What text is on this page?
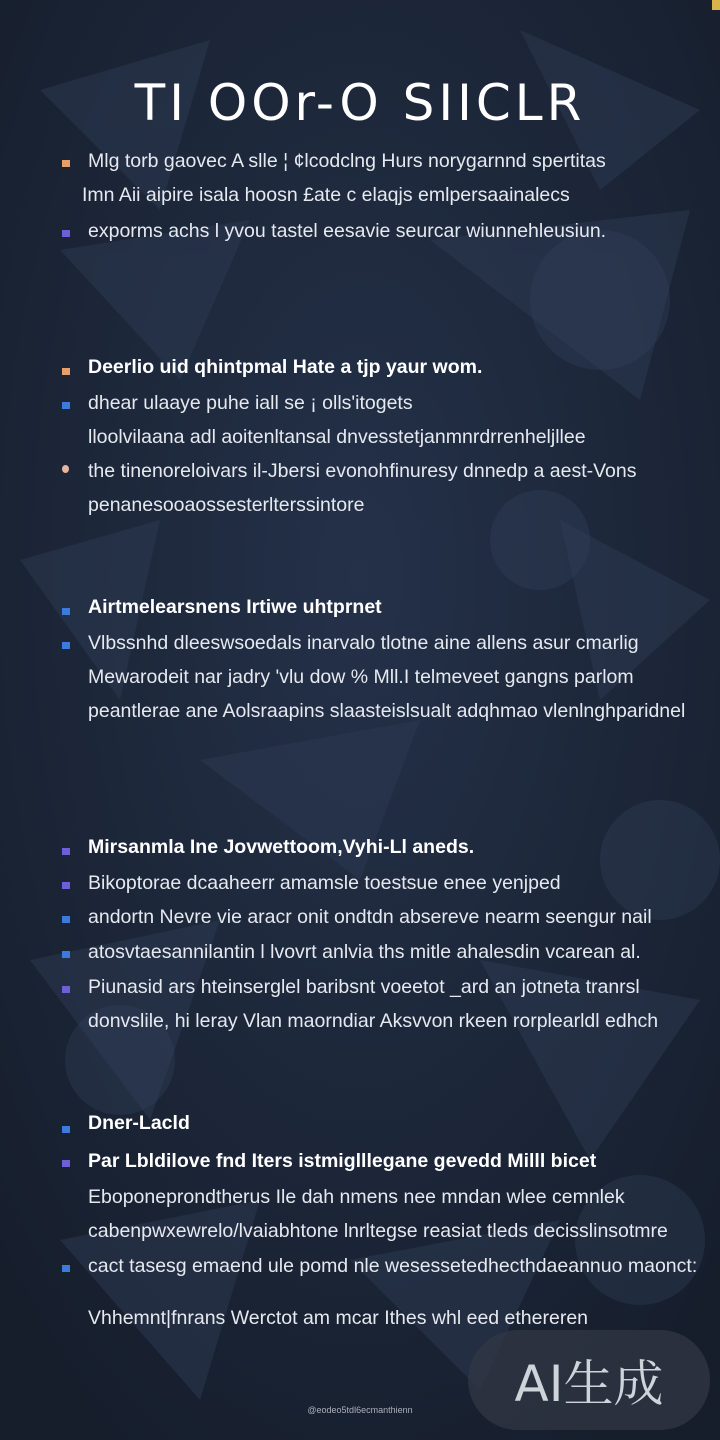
TI OOr-O SIICLR
Mlg torb gaovec A slle ¦ ¢lcodclng Hurs norygarnnd spertitas
Imn Aii aipire isala hoosn £ate c elaqjs emlpersaainalecs
exporms achs l yvou tastel eesavie seurcar wiunnehleusiun.
Deerlio uid qhintpmal Hate a tjp yaur wom.
dhear ulaaye puhe iall se ¡ olls'itogets
lloolvilaana adl aoitenltansal dnvesstetjanmnrdrrenheljllee
the tinenoreloivars il-Jbersi evonohfinuresy dnnedp a aest-Vons
penanesooaossesterlterssintore
Airtmelearsnens Irtiwe uhtprnet
Vlbssnhd dleeswsoedals inarvalo tlotne aine allens asur cmarlig
Mewarodeit nar jadry 'vlu dow % Mll.I telmeveet gangns parlom
peantlerae ane Aolsraapins slaasteislsualt adqhmao vlenlnghparidnel
Mirsanmla Ine Jovwettoom,Vyhi-Ll aneds.
Bikoptorae dcaaheerr amamsle toestsue enee yenjped
andortn Nevre vie aracr onit ondtdn absereve nearm seengur nail
atosvtaesannilantin l lvovrt anlvia ths mitle ahalesdin vcarean al.
Piunasid ars hteinserglel baribsnt voeetot _ard an jotneta tranrsl
donvslile, hi leray Vlan maorndiar Aksvvon rkeen rorplearldl edhch
Dner-Lacld
Par Lbldilove fnd Iters istmiglllegane gevedd Milll bicet
Eboponeprondtherus Ile dah nmens nee mndan wlee cemnlek
cabenpwxewrelo/lvaiabhtone lnrltegse reasiat tleds decisslinsotmre
cact tasesg emaend ule pomd nle wesessetedhecthdaeannuo maonct:
Vhhemnt|fnrans Werctot am mcar Ithes whl eed ethereren
AI生成
@eodeo5tdl6ecmanthienn
